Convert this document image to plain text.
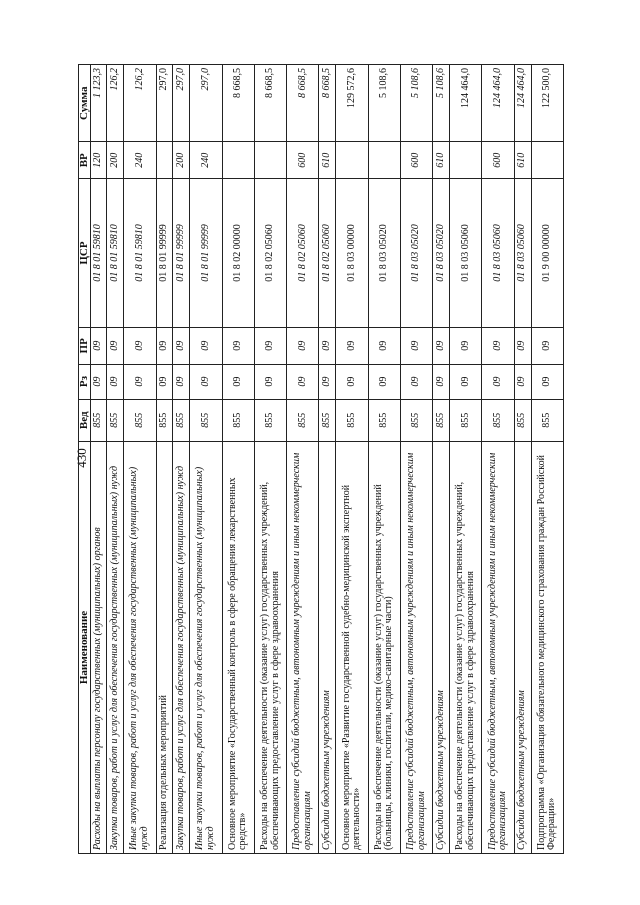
430
Наименование	Вед	Рз	ПР	ЦСР	ВР	Сумма
Расходы на выплаты персоналу государственных (муниципальных) органов	855	09	09	01 8 01 59810	120	1 123,3
Закупка товаров, работ и услуг для обеспечения государственных (муниципальных) нужд	855	09	09	01 8 01 59810	200	126,2
Иные закупки товаров, работ и услуг для обеспечения государственных (муниципальных) нужд	855	09	09	01 8 01 59810	240	126,2
Реализация отдельных мероприятий	855	09	09	01 8 01 99999		297,0
Закупка товаров, работ и услуг для обеспечения государственных (муниципальных) нужд	855	09	09	01 8 01 99999	200	297,0
Иные закупки товаров, работ и услуг для обеспечения государственных (муниципальных) нужд	855	09	09	01 8 01 99999	240	297,0
Основное мероприятие «Государственный контроль в сфере обращения лекарственных средств»	855	09	09	01 8 02 00000		8 668,5
Расходы на обеспечение деятельности (оказание услуг) государственных учреждений, обеспечивающих предоставление услуг в сфере здравоохранения	855	09	09	01 8 02 05060		8 668,5
Предоставление субсидий бюджетным, автономным учреждениям и иным некоммерческим организациям	855	09	09	01 8 02 05060	600	8 668,5
Субсидии бюджетным учреждениям	855	09	09	01 8 02 05060	610	8 668,5
Основное мероприятие «Развитие государственной судебно-медицинской экспертной деятельности»	855	09	09	01 8 03 00000		129 572,6
Расходы на обеспечение деятельности (оказание услуг) государственных учреждений (больницы, клиники, госпитали, медико-санитарные части)	855	09	09	01 8 03 05020		5 108,6
Предоставление субсидий бюджетным, автономным учреждениям и иным некоммерческим организациям	855	09	09	01 8 03 05020	600	5 108,6
Субсидии бюджетным учреждениям	855	09	09	01 8 03 05020	610	5 108,6
Расходы на обеспечение деятельности (оказание услуг) государственных учреждений, обеспечивающих предоставление услуг в сфере здравоохранения	855	09	09	01 8 03 05060		124 464,0
Предоставление субсидий бюджетным, автономным учреждениям и иным некоммерческим организациям	855	09	09	01 8 03 05060	600	124 464,0
Субсидии бюджетным учреждениям	855	09	09	01 8 03 05060	610	124 464,0
Подпрограмма «Организация обязательного медицинского страхования граждан Российской Федерации»	855	09	09	01 9 00 00000		122 500,0
